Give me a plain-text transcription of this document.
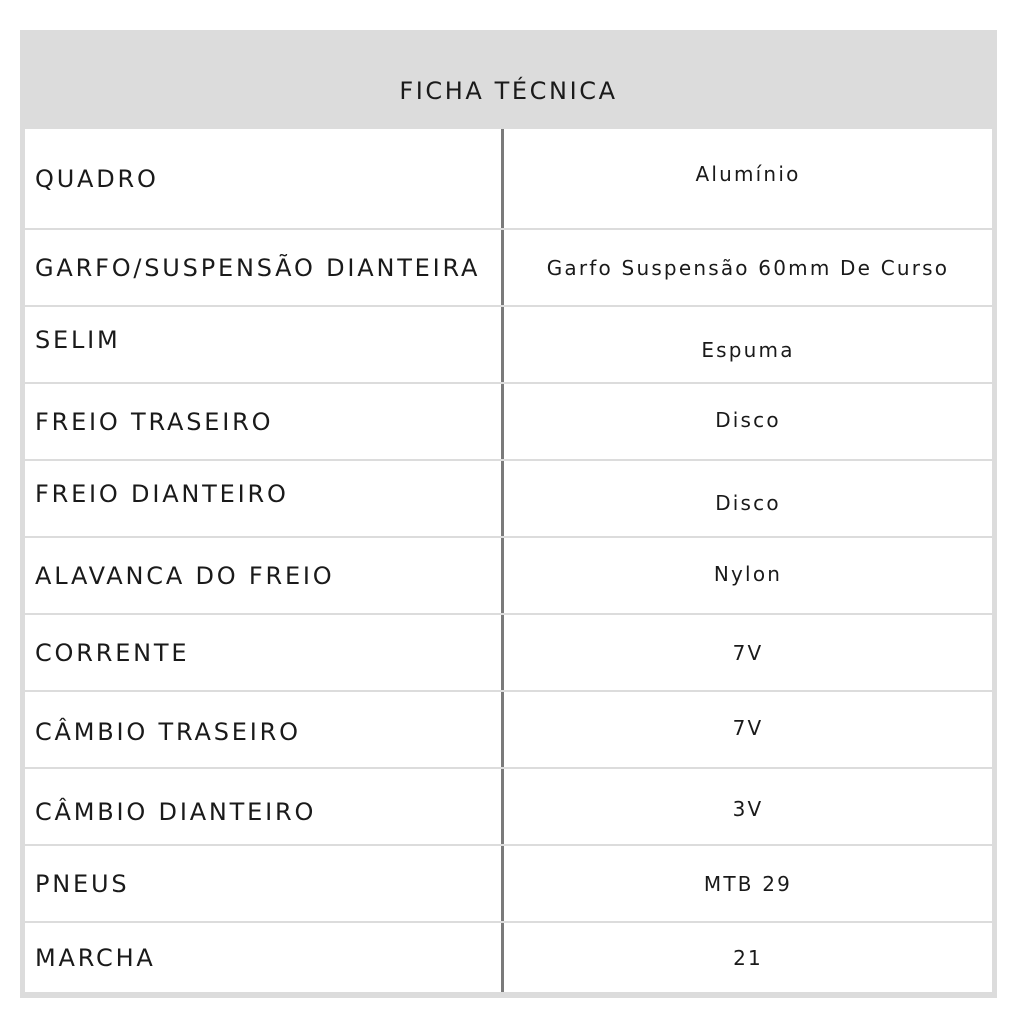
FICHA TÉCNICA
QUADRO	Alumínio
GARFO/SUSPENSÃO DIANTEIRA	Garfo Suspensão 60mm De Curso
SELIM	Espuma
FREIO TRASEIRO	Disco
FREIO DIANTEIRO	Disco
ALAVANCA DO FREIO	Nylon
CORRENTE	7V
CÂMBIO TRASEIRO	7V
CÂMBIO DIANTEIRO	3V
PNEUS	MTB 29
MARCHA	21
